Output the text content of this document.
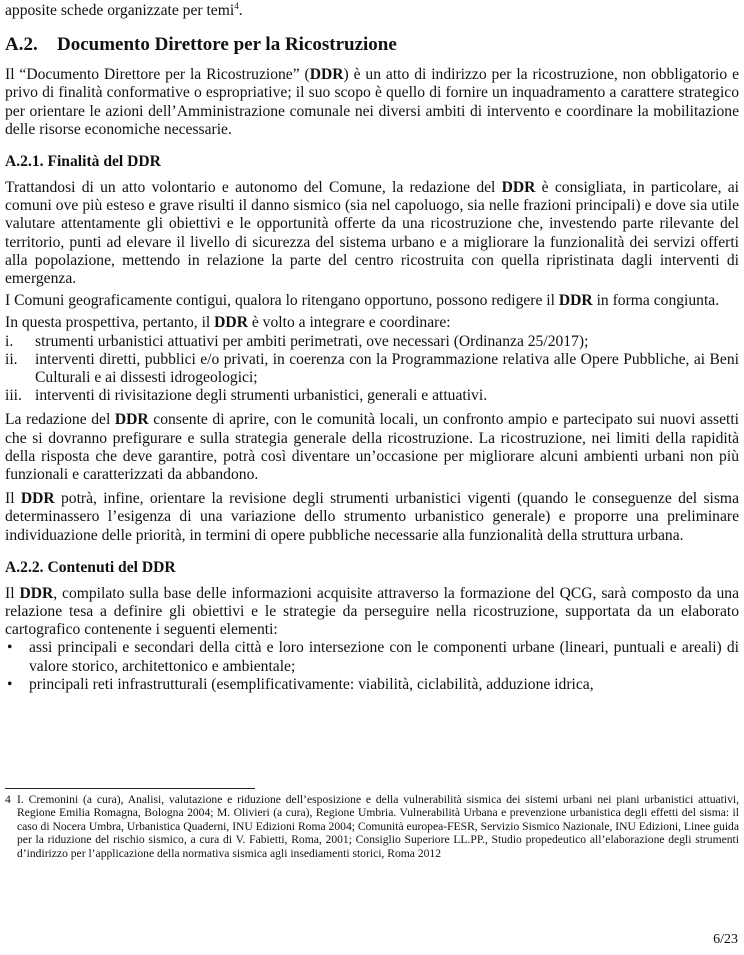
apposite schede organizzate per temi$^4$.

A.2. Documento Direttore per la Ricostruzione

Il “Documento Direttore per la Ricostruzione” (DDR) è un atto di indirizzo per la ricostruzione, non obbligatorio e privo di finalità conformative o espropriative; il suo scopo è quello di fornire un inquadramento a carattere strategico per orientare le azioni dell’Amministrazione comunale nei diversi ambiti di intervento e coordinare la mobilitazione delle risorse economiche necessarie.

A.2.1. Finalità del DDR

Trattandosi di un atto volontario e autonomo del Comune, la redazione del DDR è consigliata, in particolare, ai comuni ove più esteso e grave risulti il danno sismico (sia nel capoluogo, sia nelle frazioni principali) e dove sia utile valutare attentamente gli obiettivi e le opportunità offerte da una ricostruzione che, investendo parte rilevante del territorio, punti ad elevare il livello di sicurezza del sistema urbano e a migliorare la funzionalità dei servizi offerti alla popolazione, mettendo in relazione la parte del centro ricostruita con quella ripristinata dagli interventi di emergenza.

I Comuni geograficamente contigui, qualora lo ritengano opportuno, possono redigere il DDR in forma congiunta.

In questa prospettiva, pertanto, il DDR è volto a integrare e coordinare:

i.	strumenti urbanistici attuativi per ambiti perimetrati, ove necessari (Ordinanza 25/2017);
ii.	interventi diretti, pubblici e/o privati, in coerenza con la Programmazione relativa alle Opere Pubbliche, ai Beni Culturali e ai dissesti idrogeologici;
iii. interventi di rivisitazione degli strumenti urbanistici, generali e attuativi.

La redazione del DDR consente di aprire, con le comunità locali, un confronto ampio e partecipato sui nuovi assetti che si dovranno prefigurare e sulla strategia generale della ricostruzione. La ricostruzione, nei limiti della rapidità della risposta che deve garantire, potrà così diventare un’occasione per migliorare alcuni ambienti urbani non più funzionali e caratterizzati da abbandono.

Il DDR potrà, infine, orientare la revisione degli strumenti urbanistici vigenti (quando le conseguenze del sisma determinassero l’esigenza di una variazione dello strumento urbanistico generale) e proporre una preliminare individuazione delle priorità, in termini di opere pubbliche necessarie alla funzionalità della struttura urbana.

A.2.2. Contenuti del DDR

Il DDR, compilato sulla base delle informazioni acquisite attraverso la formazione del QCG, sarà composto da una relazione tesa a definire gli obiettivi e le strategie da perseguire nella ricostruzione, supportata da un elaborato cartografico contenente i seguenti elementi:

•	assi principali e secondari della città e loro intersezione con le componenti urbane (lineari, puntuali e areali) di valore storico, architettonico e ambientale;
•	principali reti infrastrutturali (esemplificativamente: viabilità, ciclabilità, adduzione idrica,
4 I. Cremonini (a cura), Analisi, valutazione e riduzione dell’esposizione e della vulnerabilità sismica dei sistemi urbani nei piani urbanistici attuativi, Regione Emilia Romagna, Bologna 2004; M. Olivieri (a cura), Regione Umbria. Vulnerabilità Urbana e prevenzione urbanistica degli effetti del sisma: il caso di Nocera Umbra, Urbanistica Quaderni, INU Edizioni Roma 2004; Comunità europea-FESR, Servizio Sismico Nazionale, INU Edizioni, Linee guida per la riduzione del rischio sismico, a cura di V. Fabietti, Roma, 2001; Consiglio Superiore LL.PP., Studio propedeutico all’elaborazione degli strumenti d’indirizzo per l’applicazione della normativa sismica agli insediamenti storici, Roma 2012
6/23
